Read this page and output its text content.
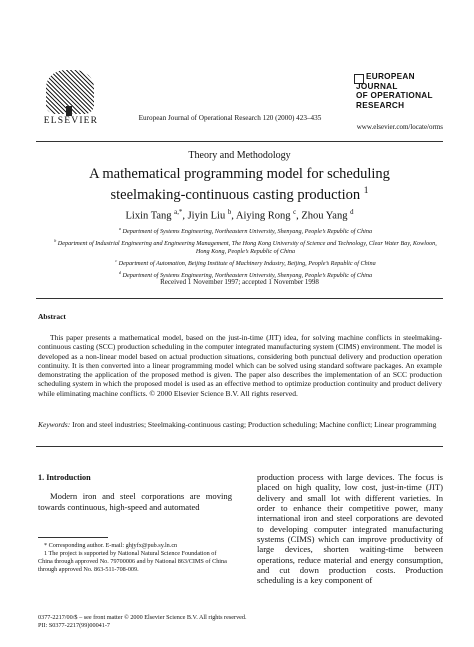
ELSEVIER	European Journal of Operational Research 120 (2000) 423–435
EUROPEAN
JOURNAL
OF OPERATIONAL
RESEARCH
www.elsevier.com/locate/orms
Theory and Methodology
A mathematical programming model for scheduling
steelmaking-continuous casting production $^1$
Lixin Tang $^{a,*}$, Jiyin Liu $^b$, Aiying Rong $^c$, Zhou Yang $^d$
$^a$ Department of Systems Engineering, Northeastern University, Shenyang, People’s Republic of China
$^b$ Department of Industrial Engineering and Engineering Management, The Hong Kong University of Science and Technology, Clear Water Bay, Kowloon, Hong Kong, People’s Republic of China
$^c$ Department of Automation, Beijing Institute of Machinery Industry, Beijing, People’s Republic of China
$^d$ Department of Systems Engineering, Northeastern University, Shenyang, People’s Republic of China
Received 1 November 1997; accepted 1 November 1998
Abstract
This paper presents a mathematical model, based on the just-in-time (JIT) idea, for solving machine conflicts in steelmaking-continuous casting (SCC) production scheduling in the computer integrated manufacturing system (CIMS) environment. The model is developed as a non-linear model based on actual production situations, considering both punctual delivery and production operation continuity. It is then converted into a linear programming model which can be solved using standard software packages. An example demonstrating the application of the proposed method is given. The paper also describes the implementation of an SCC production scheduling system in which the proposed model is used as an effective method to optimize production continuity and product delivery while eliminating machine conflicts. © 2000 Elsevier Science B.V. All rights reserved.
Keywords: Iron and steel industries; Steelmaking-continuous casting; Production scheduling; Machine conflict; Linear programming
1. Introduction
Modern iron and steel corporations are moving towards continuous, high-speed and automated

* Corresponding author. E-mail: ghjyfx@pub.sy.ln.cn

1 The project is supported by National Natural Science Foundation of China through approved No. 79700006 and by National 863/CIMS of China through approved No. 863-511-708-009.

0377-2217/00/$ – see front matter © 2000 Elsevier Science B.V. All rights reserved.
PII: S0377-2217(99)00041-7
production process with large devices. The focus is placed on high quality, low cost, just-in-time (JIT) delivery and small lot with different varieties. In order to enhance their competitive power, many international iron and steel corporations are devoted to developing computer integrated manufacturing systems (CIMS) which can improve productivity of large devices, shorten waiting-time between operations, reduce material and energy consumption, and cut down production costs. Production scheduling is a key component of
